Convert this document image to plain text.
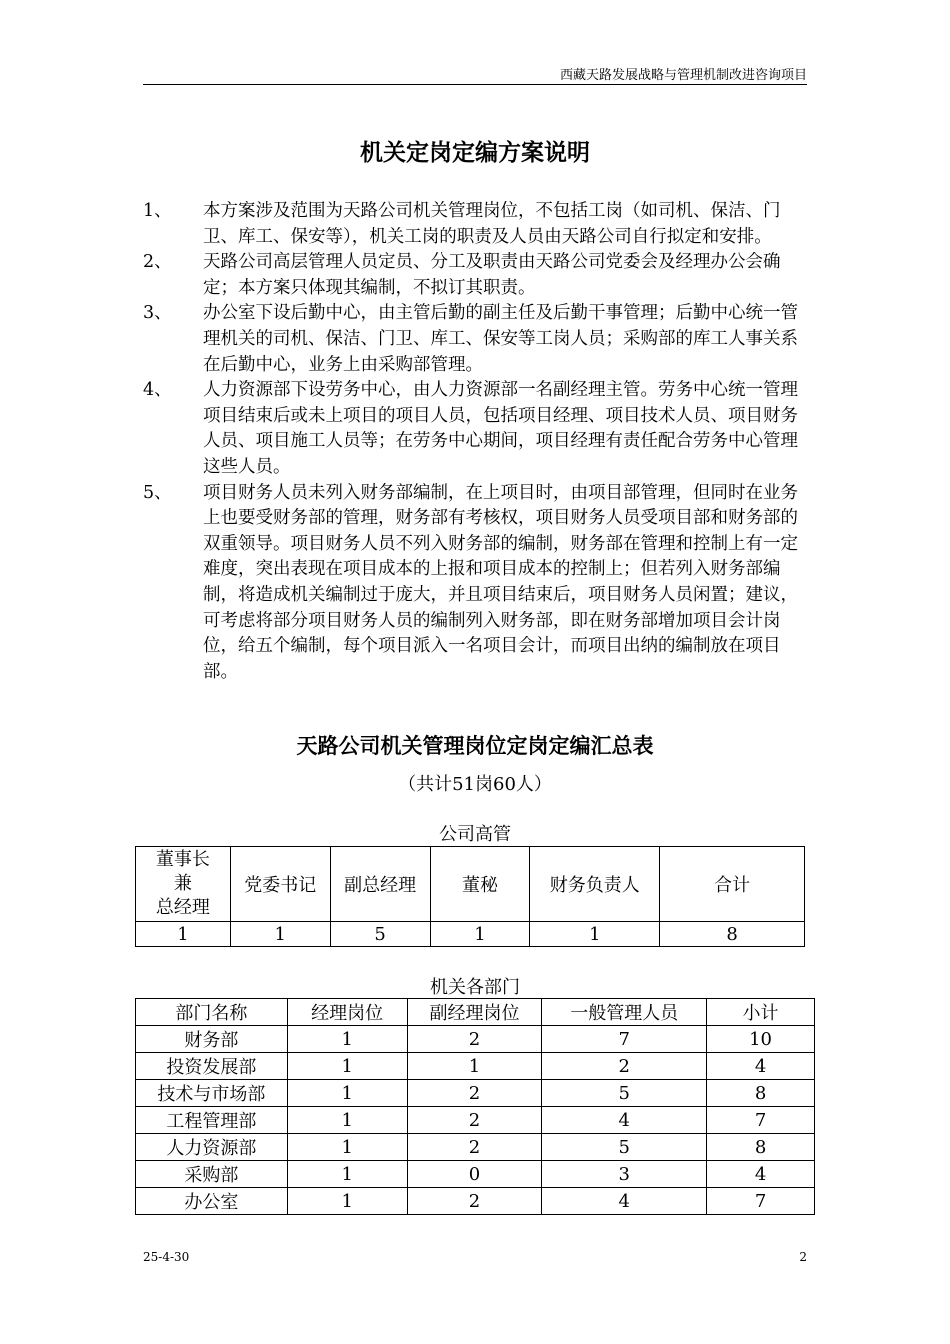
西藏天路发展战略与管理机制改进咨询项目
机关定岗定编方案说明
1、	本方案涉及范围为天路公司机关管理岗位，不包括工岗（如司机、保洁、门卫、库工、保安等），机关工岗的职责及人员由天路公司自行拟定和安排。
2、	天路公司高层管理人员定员、分工及职责由天路公司党委会及经理办公会确定；本方案只体现其编制，不拟订其职责。
3、	办公室下设后勤中心，由主管后勤的副主任及后勤干事管理；后勤中心统一管理机关的司机、保洁、门卫、库工、保安等工岗人员；采购部的库工人事关系在后勤中心，业务上由采购部管理。
4、	人力资源部下设劳务中心，由人力资源部一名副经理主管。劳务中心统一管理项目结束后或未上项目的项目人员，包括项目经理、项目技术人员、项目财务人员、项目施工人员等；在劳务中心期间，项目经理有责任配合劳务中心管理这些人员。
5、	项目财务人员未列入财务部编制，在上项目时，由项目部管理，但同时在业务上也要受财务部的管理，财务部有考核权，项目财务人员受项目部和财务部的双重领导。项目财务人员不列入财务部的编制，财务部在管理和控制上有一定难度，突出表现在项目成本的上报和项目成本的控制上；但若列入财务部编制，将造成机关编制过于庞大，并且项目结束后，项目财务人员闲置；建议，可考虑将部分项目财务人员的编制列入财务部，即在财务部增加项目会计岗位，给五个编制，每个项目派入一名项目会计，而项目出纳的编制放在项目部。
天路公司机关管理岗位定岗定编汇总表
（共计51岗60人）
公司高管
董事长
兼
总经理	党委书记	副总经理	董秘	财务负责人	合计
1	1	5	1	1	8
机关各部门
部门名称	经理岗位	副经理岗位	一般管理人员	小计
财务部	1	2	7	10
投资发展部	1	1	2	4
技术与市场部	1	2	5	8
工程管理部	1	2	4	7
人力资源部	1	2	5	8
采购部	1	0	3	4
办公室	1	2	4	7
25-4-30	2
